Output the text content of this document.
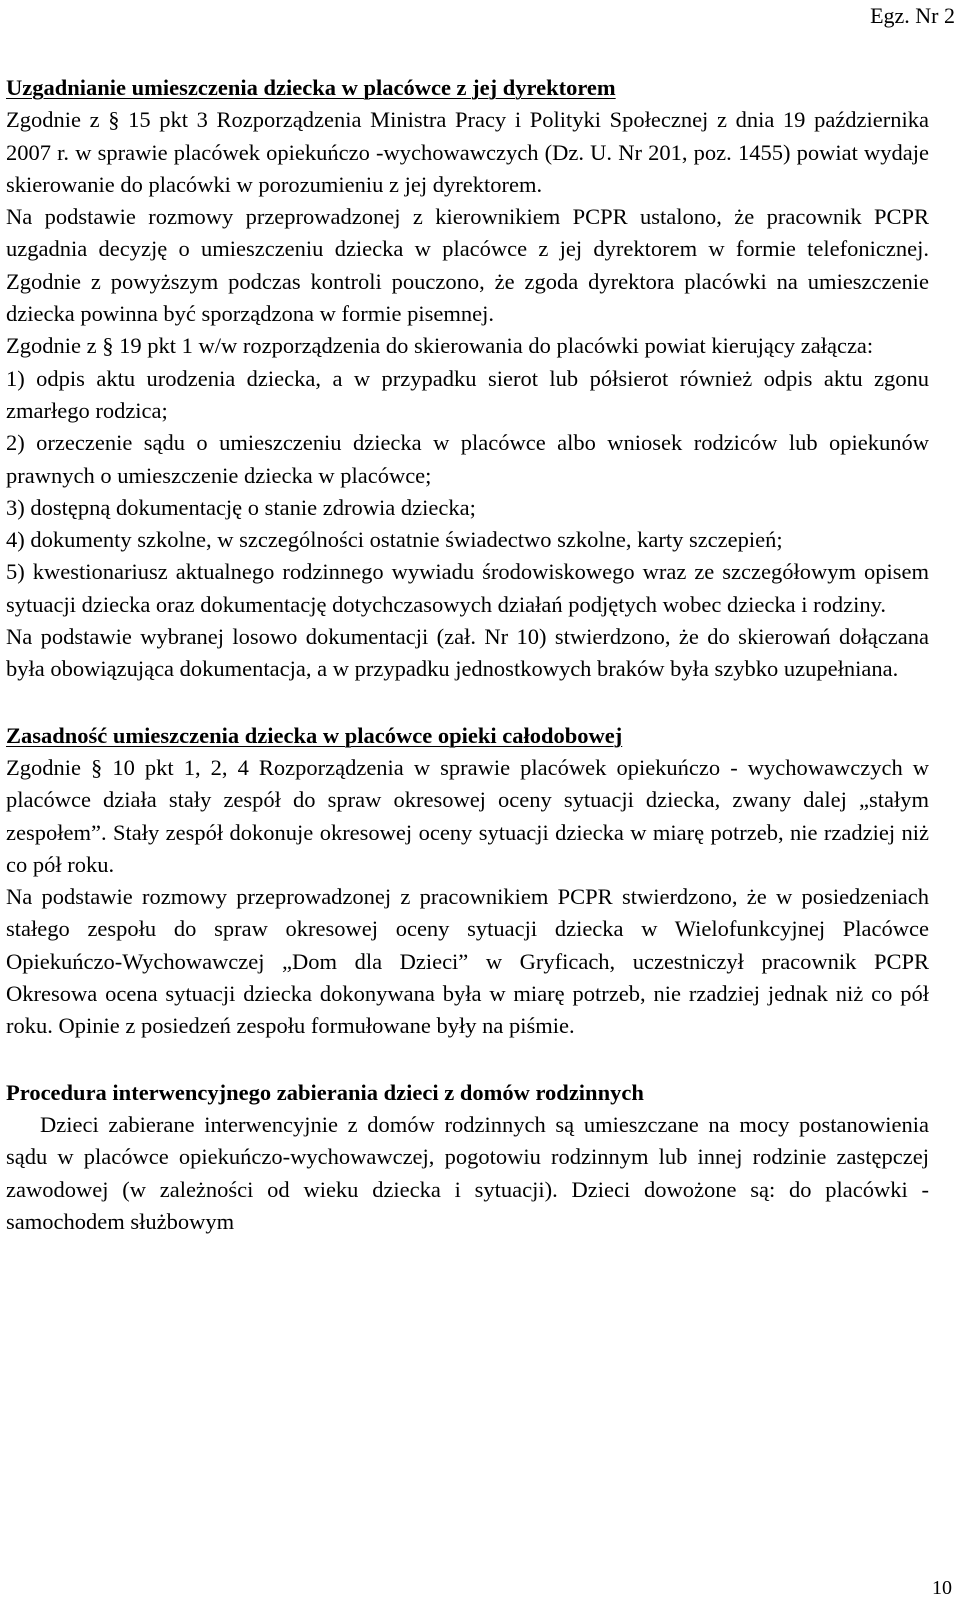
Egz. Nr 2

Uzgadnianie umieszczenia dziecka w placówce z jej dyrektorem

Zgodnie z § 15 pkt 3 Rozporządzenia Ministra Pracy i Polityki Społecznej z dnia 19 października 2007 r. w sprawie placówek opiekuńczo -wychowawczych (Dz. U. Nr 201, poz. 1455) powiat wydaje skierowanie do placówki w porozumieniu z jej dyrektorem.

Na podstawie rozmowy przeprowadzonej z kierownikiem PCPR ustalono, że pracownik PCPR uzgadnia decyzję o umieszczeniu dziecka w placówce z jej dyrektorem w formie telefonicznej. Zgodnie z powyższym podczas kontroli pouczono, że zgoda dyrektora placówki na umieszczenie dziecka powinna być sporządzona w formie pisemnej.

Zgodnie z § 19 pkt 1 w/w rozporządzenia do skierowania do placówki powiat kierujący załącza:

1) odpis aktu urodzenia dziecka, a w przypadku sierot lub półsierot również odpis aktu zgonu zmarłego rodzica;

2) orzeczenie sądu o umieszczeniu dziecka w placówce albo wniosek rodziców lub opiekunów prawnych o umieszczenie dziecka w placówce;

3) dostępną dokumentację o stanie zdrowia dziecka;

4) dokumenty szkolne, w szczególności ostatnie świadectwo szkolne, karty szczepień;

5) kwestionariusz aktualnego rodzinnego wywiadu środowiskowego wraz ze szczegółowym opisem sytuacji dziecka oraz dokumentację dotychczasowych działań podjętych wobec dziecka i rodziny.

Na podstawie wybranej losowo dokumentacji (zał. Nr 10) stwierdzono, że do skierowań dołączana była obowiązująca dokumentacja, a w przypadku jednostkowych braków była szybko uzupełniana.

Zasadność umieszczenia dziecka w placówce opieki całodobowej

Zgodnie § 10 pkt 1, 2, 4 Rozporządzenia w sprawie placówek opiekuńczo - wychowawczych w placówce działa stały zespół do spraw okresowej oceny sytuacji dziecka, zwany dalej „stałym zespołem”. Stały zespół dokonuje okresowej oceny sytuacji dziecka w miarę potrzeb, nie rzadziej niż co pół roku.

Na podstawie rozmowy przeprowadzonej z pracownikiem PCPR stwierdzono, że w posiedzeniach stałego zespołu do spraw okresowej oceny sytuacji dziecka w Wielofunkcyjnej Placówce Opiekuńczo-Wychowawczej „Dom dla Dzieci” w Gryficach, uczestniczył pracownik PCPR Okresowa ocena sytuacji dziecka dokonywana była w miarę potrzeb, nie rzadziej jednak niż co pół roku. Opinie z posiedzeń zespołu formułowane były na piśmie.

Procedura interwencyjnego zabierania dzieci z domów rodzinnych

Dzieci zabierane interwencyjnie z domów rodzinnych są umieszczane na mocy postanowienia sądu w placówce opiekuńczo-wychowawczej, pogotowiu rodzinnym lub innej rodzinie zastępczej zawodowej (w zależności od wieku dziecka i sytuacji). Dzieci dowożone są: do placówki - samochodem służbowym

10
